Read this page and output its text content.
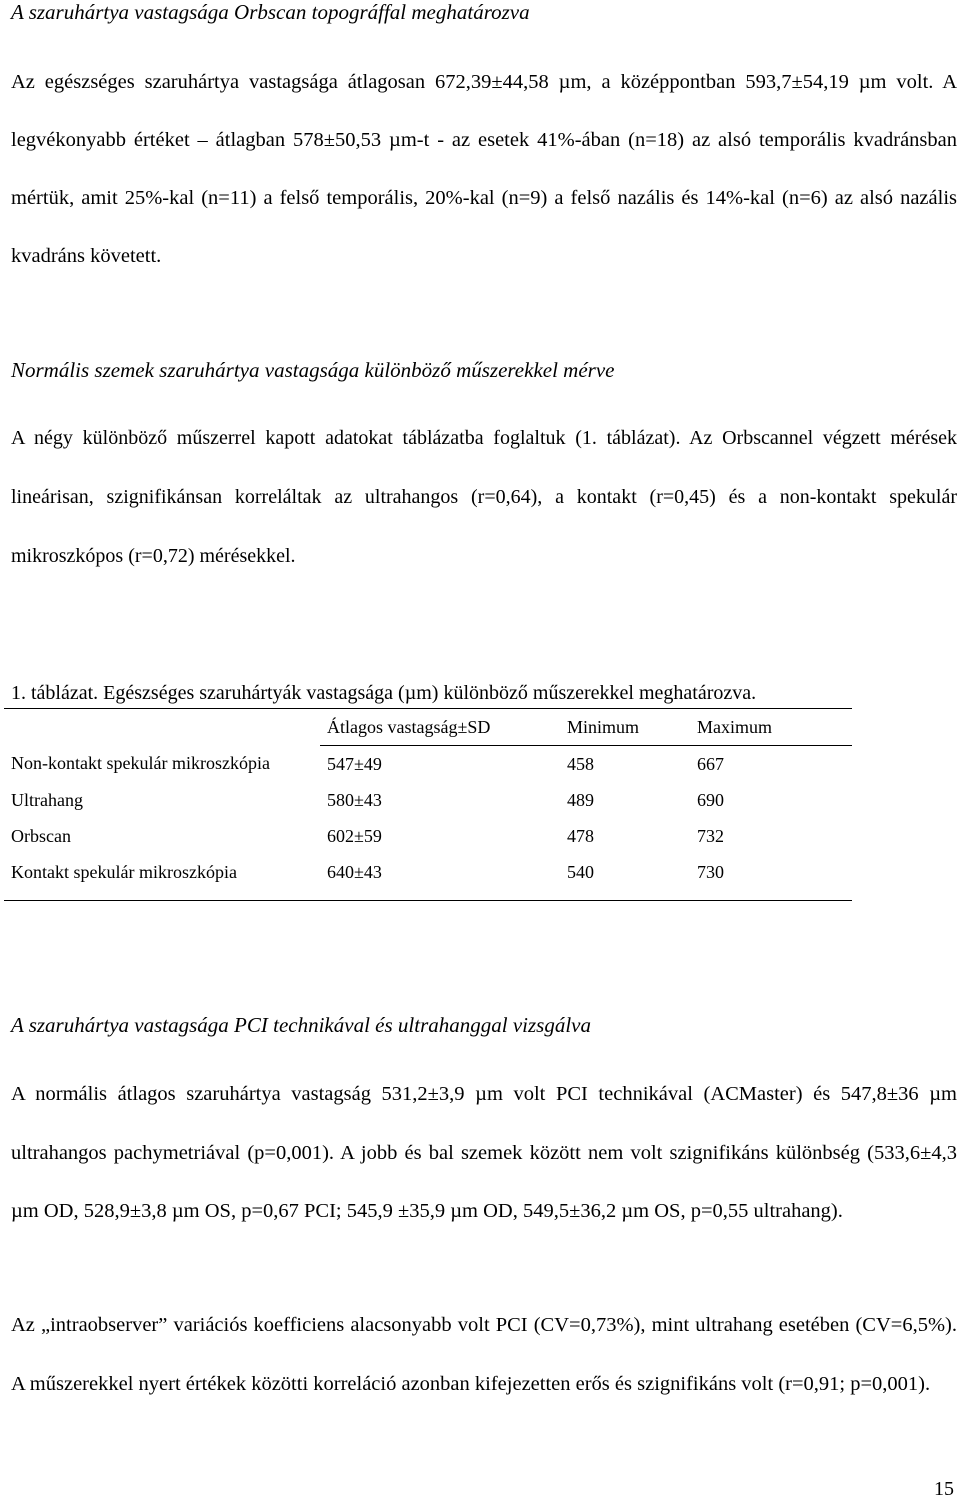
A szaruhártya vastagsága Orbscan topográffal meghatározva

Az egészséges szaruhártya vastagsága átlagosan 672,39±44,58 µm, a középpontban 593,7±54,19 µm volt. A legvékonyabb értéket – átlagban 578±50,53 µm-t - az esetek 41%-ában (n=18) az alsó temporális kvadránsban mértük, amit 25%-kal (n=11) a felső temporális, 20%-kal (n=9) a felső nazális és 14%-kal (n=6) az alsó nazális kvadráns követett.

Normális szemek szaruhártya vastagsága különböző műszerekkel mérve

A négy különböző műszerrel kapott adatokat táblázatba foglaltuk (1. táblázat). Az Orbscannel végzett mérések lineárisan, szignifikánsan korreláltak az ultrahangos (r=0,64), a kontakt (r=0,45) és a non-kontakt spekulár mikroszkópos (r=0,72) mérésekkel.

1. táblázat. Egészséges szaruhártyák vastagsága (µm) különböző műszerekkel meghatározva.

	Átlagos vastagság±SD	Minimum	Maximum
Non-kontakt spekulár mikroszkópia	547±49	458	667
Ultrahang	580±43	489	690
Orbscan	602±59	478	732
Kontakt spekulár mikroszkópia	640±43	540	730
A szaruhártya vastagsága PCI technikával és ultrahanggal vizsgálva

A normális átlagos szaruhártya vastagság 531,2±3,9 µm volt PCI technikával (ACMaster) és 547,8±36 µm ultrahangos pachymetriával (p=0,001). A jobb és bal szemek között nem volt szignifikáns különbség (533,6±4,3 µm OD, 528,9±3,8 µm OS, p=0,67 PCI; 545,9 ±35,9 µm OD, 549,5±36,2 µm OS, p=0,55 ultrahang).

Az „intraobserver” variációs koefficiens alacsonyabb volt PCI (CV=0,73%), mint ultrahang esetében (CV=6,5%). A műszerekkel nyert értékek közötti korreláció azonban kifejezetten erős és szignifikáns volt (r=0,91; p=0,001).

15
